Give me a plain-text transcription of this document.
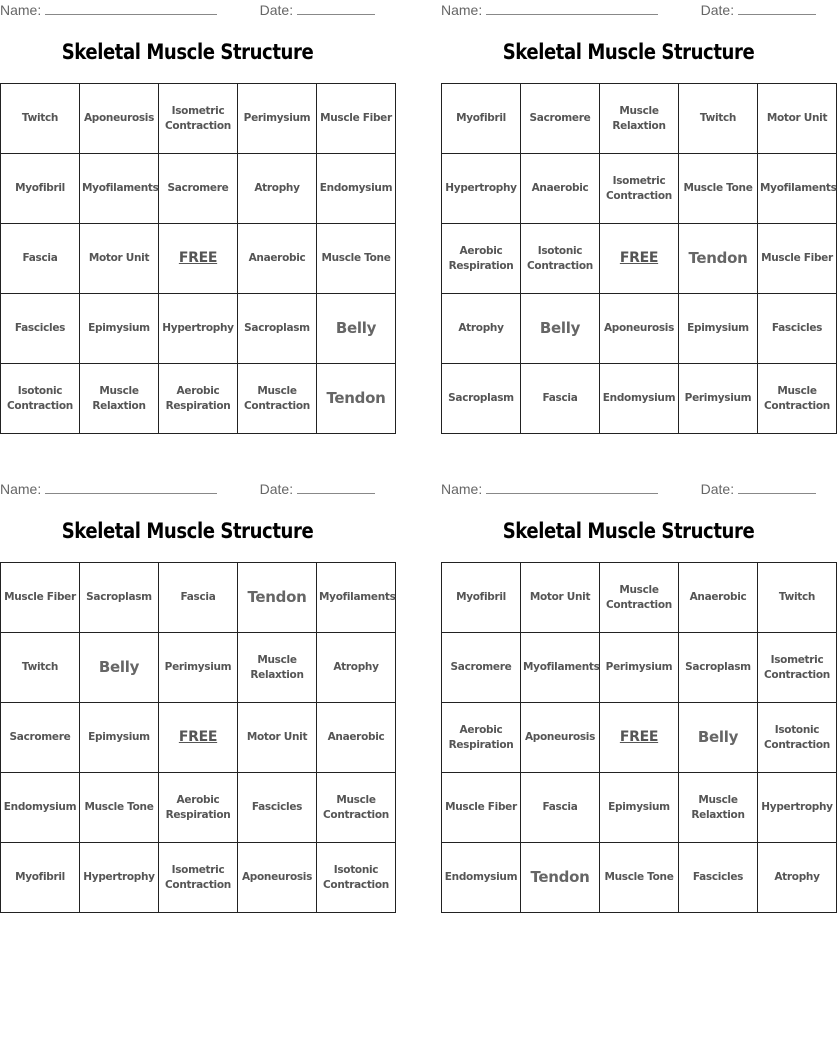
Name:	Date:
Skeletal Muscle Structure
Twitch	Aponeurosis	Isometric Contraction	Perimysium	Muscle Fiber
Myofibril	Myofilaments	Sacromere	Atrophy	Endomysium
Fascia	Motor Unit	FREE	Anaerobic	Muscle Tone
Fascicles	Epimysium	Hypertrophy	Sacroplasm	Belly
Isotonic Contraction	Muscle Relaxtion	Aerobic Respiration	Muscle Contraction	Tendon
Name:	Date:
Skeletal Muscle Structure
Myofibril	Sacromere	Muscle Relaxtion	Twitch	Motor Unit
Hypertrophy	Anaerobic	Isometric Contraction	Muscle Tone	Myofilaments
Aerobic Respiration	Isotonic Contraction	FREE	Tendon	Muscle Fiber
Atrophy	Belly	Aponeurosis	Epimysium	Fascicles
Sacroplasm	Fascia	Endomysium	Perimysium	Muscle Contraction
Name:	Date:
Skeletal Muscle Structure
Muscle Fiber	Sacroplasm	Fascia	Tendon	Myofilaments
Twitch	Belly	Perimysium	Muscle Relaxtion	Atrophy
Sacromere	Epimysium	FREE	Motor Unit	Anaerobic
Endomysium	Muscle Tone	Aerobic Respiration	Fascicles	Muscle Contraction
Myofibril	Hypertrophy	Isometric Contraction	Aponeurosis	Isotonic Contraction
Name:	Date:
Skeletal Muscle Structure
Myofibril	Motor Unit	Muscle Contraction	Anaerobic	Twitch
Sacromere	Myofilaments	Perimysium	Sacroplasm	Isometric Contraction
Aerobic Respiration	Aponeurosis	FREE	Belly	Isotonic Contraction
Muscle Fiber	Fascia	Epimysium	Muscle Relaxtion	Hypertrophy
Endomysium	Tendon	Muscle Tone	Fascicles	Atrophy
